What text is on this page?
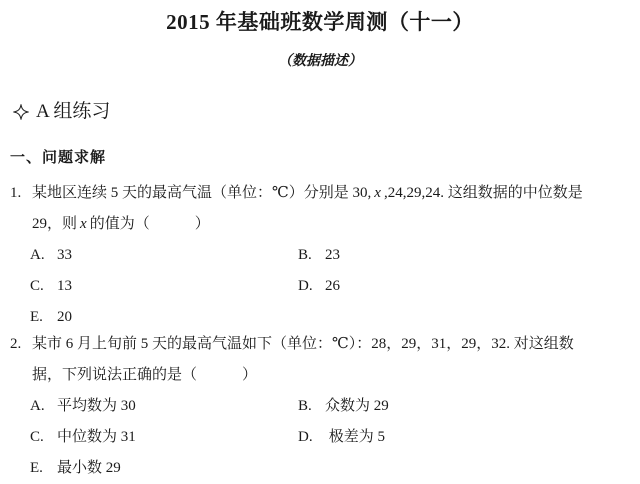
2015 年基础班数学周测（十一）
（数据描述）
A 组练习
一、问题求解
1. 某地区连续 5 天的最高气温（单位：℃）分别是 30, x ,24,29,24. 这组数据的中位数是
29，则 x 的值为（　　　）
A. 33	B. 23
C. 13	D. 26
E. 20
2. 某市 6 月上旬前 5 天的最高气温如下（单位：℃）：28，29，31，29，32. 对这组数
据，下列说法正确的是（　　　）
A. 平均数为 30	B. 众数为 29
C. 中位数为 31	D. 极差为 5
E. 最小数 29
